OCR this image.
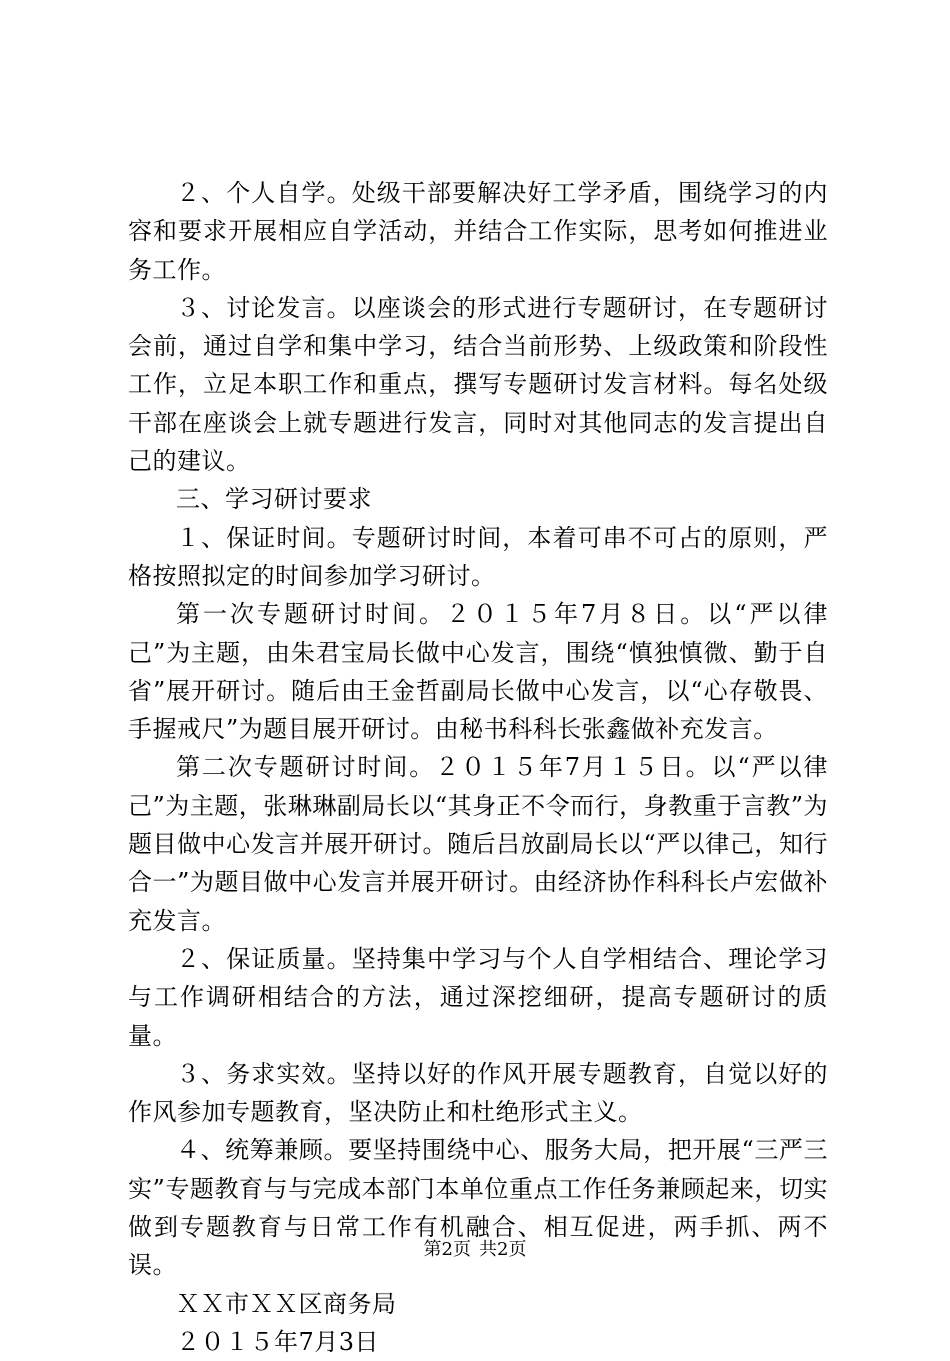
２、个人自学。处级干部要解决好工学矛盾，围绕学习的内容和要求开展相应自学活动，并结合工作实际，思考如何推进业务工作。

３、讨论发言。以座谈会的形式进行专题研讨，在专题研讨会前，通过自学和集中学习，结合当前形势、上级政策和阶段性工作，立足本职工作和重点，撰写专题研讨发言材料。每名处级干部在座谈会上就专题进行发言，同时对其他同志的发言提出自己的建议。

三、学习研讨要求

１、保证时间。专题研讨时间，本着可串不可占的原则，严格按照拟定的时间参加学习研讨。

第一次专题研讨时间。２０１５年7月８日。以“严以律己”为主题，由朱君宝局长做中心发言，围绕“慎独慎微、勤于自省”展开研讨。随后由王金哲副局长做中心发言，以“心存敬畏、手握戒尺”为题目展开研讨。由秘书科科长张鑫做补充发言。

第二次专题研讨时间。２０１５年7月１５日。以“严以律己”为主题，张琳琳副局长以“其身正不令而行，身教重于言教”为题目做中心发言并展开研讨。随后吕放副局长以“严以律己，知行合一”为题目做中心发言并展开研讨。由经济协作科科长卢宏做补充发言。

２、保证质量。坚持集中学习与个人自学相结合、理论学习与工作调研相结合的方法，通过深挖细研，提高专题研讨的质量。

３、务求实效。坚持以好的作风开展专题教育，自觉以好的作风参加专题教育，坚决防止和杜绝形式主义。

４、统筹兼顾。要坚持围绕中心、服务大局，把开展“三严三实”专题教育与与完成本部门本单位重点工作任务兼顾起来，切实做到专题教育与日常工作有机融合、相互促进，两手抓、两不误。

ＸＸ市ＸＸ区商务局

２０１５年7月3日

第2页 共2页
